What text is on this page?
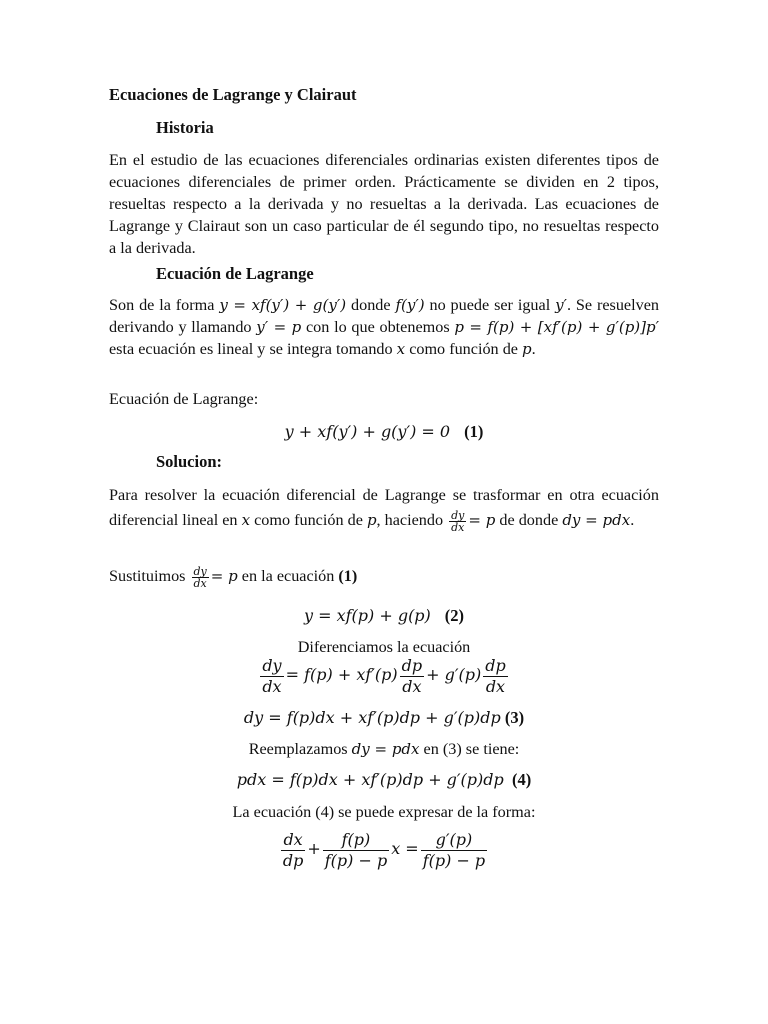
Ecuaciones de Lagrange y Clairaut
Historia
En el estudio de las ecuaciones diferenciales ordinarias existen diferentes tipos de ecuaciones diferenciales de primer orden. Prácticamente se dividen en 2 tipos, resueltas respecto a la derivada y no resueltas a la derivada. Las ecuaciones de Lagrange y Clairaut son un caso particular de él segundo tipo, no resueltas respecto a la derivada.
Ecuación de Lagrange
Son de la forma y = xf(y′) + g(y′) donde f(y′) no puede ser igual y′. Se resuelven derivando y llamando y′ = p con lo que obtenemos p = f(p) + [xf′(p) + g′(p)]p′ esta ecuación es lineal y se integra tomando x como función de p.
Ecuación de Lagrange:
y + xf(y′) + g(y′) = 0 (1)
Solucion:
Para resolver la ecuación diferencial de Lagrange se trasformar en otra ecuación diferencial lineal en x como función de p, haciendo $\frac{dy}{dx} = p$ de donde dy = pdx.
Sustituimos $\frac{dy}{dx} = p$ en la ecuación (1)
y = xf(p) + g(p) (2)
Diferenciamos la ecuación
$\frac{dy}{dx} = f(p) + xf'(p) \frac{dp}{dx} + g'(p) \frac{dp}{dx}$
dy = f(p)dx + xf′(p)dp + g′(p)dp (3)
Reemplazamos dy = pdx en (3) se tiene:
pdx = f(p)dx + xf′(p)dp + g′(p)dp (4)
La ecuación (4) se puede expresar de la forma:
$\frac{dx}{dp} + \frac{f(p)}{f(p) - p}$ $x = \frac{g'(p)}{f(p) - p}$
